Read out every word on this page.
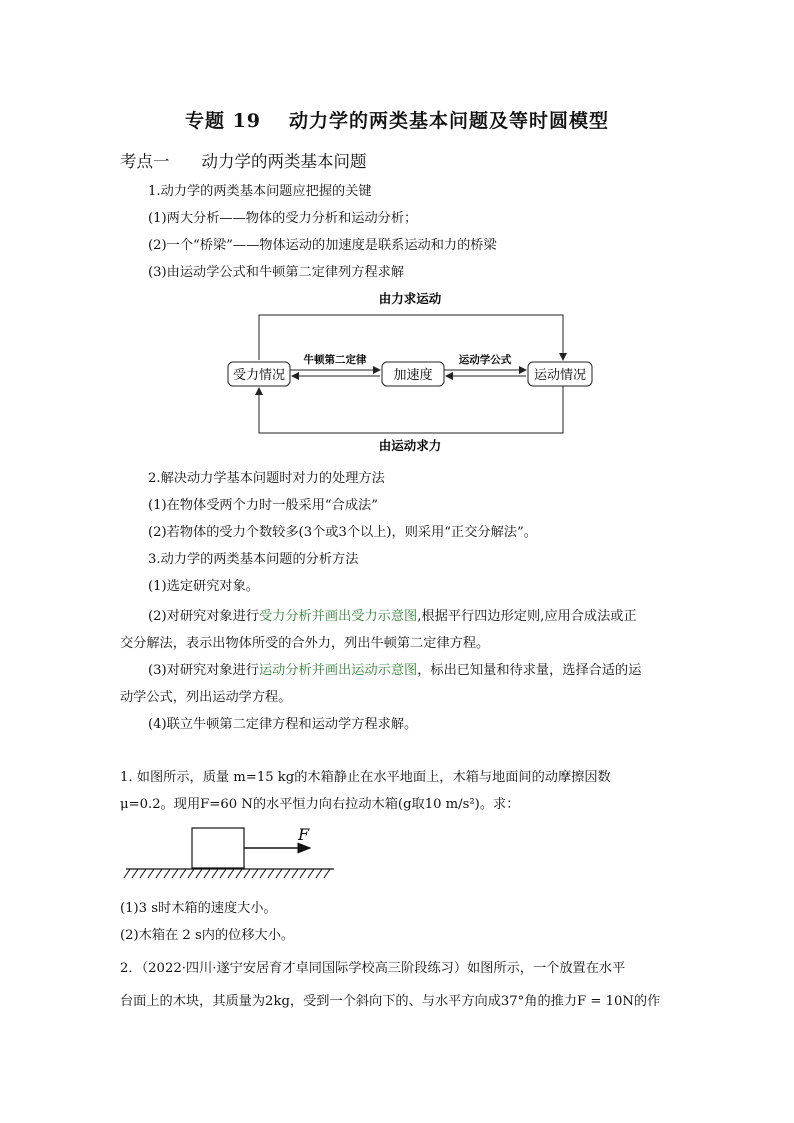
专题 19 动力学的两类基本问题及等时圆模型
考点一 动力学的两类基本问题
1.动力学的两类基本问题应把握的关键
(1)两大分析——物体的受力分析和运动分析；
(2)一个“桥梁”——物体运动的加速度是联系运动和力的桥梁
(3)由运动学公式和牛顿第二定律列方程求解
由力求运动
受力情况	加速度	运动情况
牛顿第二定律	运动学公式
由运动求力
2.解决动力学基本问题时对力的处理方法
(1)在物体受两个力时一般采用“合成法”
(2)若物体的受力个数较多(3个或3个以上)，则采用“正交分解法”。
3.动力学的两类基本问题的分析方法
(1)选定研究对象。
(2)对研究对象进行受力分析并画出受力示意图,根据平行四边形定则,应用合成法或正
交分解法，表示出物体所受的合外力，列出牛顿第二定律方程。
(3)对研究对象进行运动分析并画出运动示意图，标出已知量和待求量，选择合适的运
动学公式，列出运动学方程。
(4)联立牛顿第二定律方程和运动学方程求解。
1. 如图所示，质量 m=15 kg的木箱静止在水平地面上，木箱与地面间的动摩擦因数
μ=0.2。现用F=60 N的水平恒力向右拉动木箱(g取10 m/s²)。求：
F
(1)3 s时木箱的速度大小。
(2)木箱在 2 s内的位移大小。
2．（2022·四川·遂宁安居育才卓同国际学校高三阶段练习）如图所示，一个放置在水平
台面上的木块，其质量为2kg，受到一个斜向下的、与水平方向成37°角的推力F = 10N的作
